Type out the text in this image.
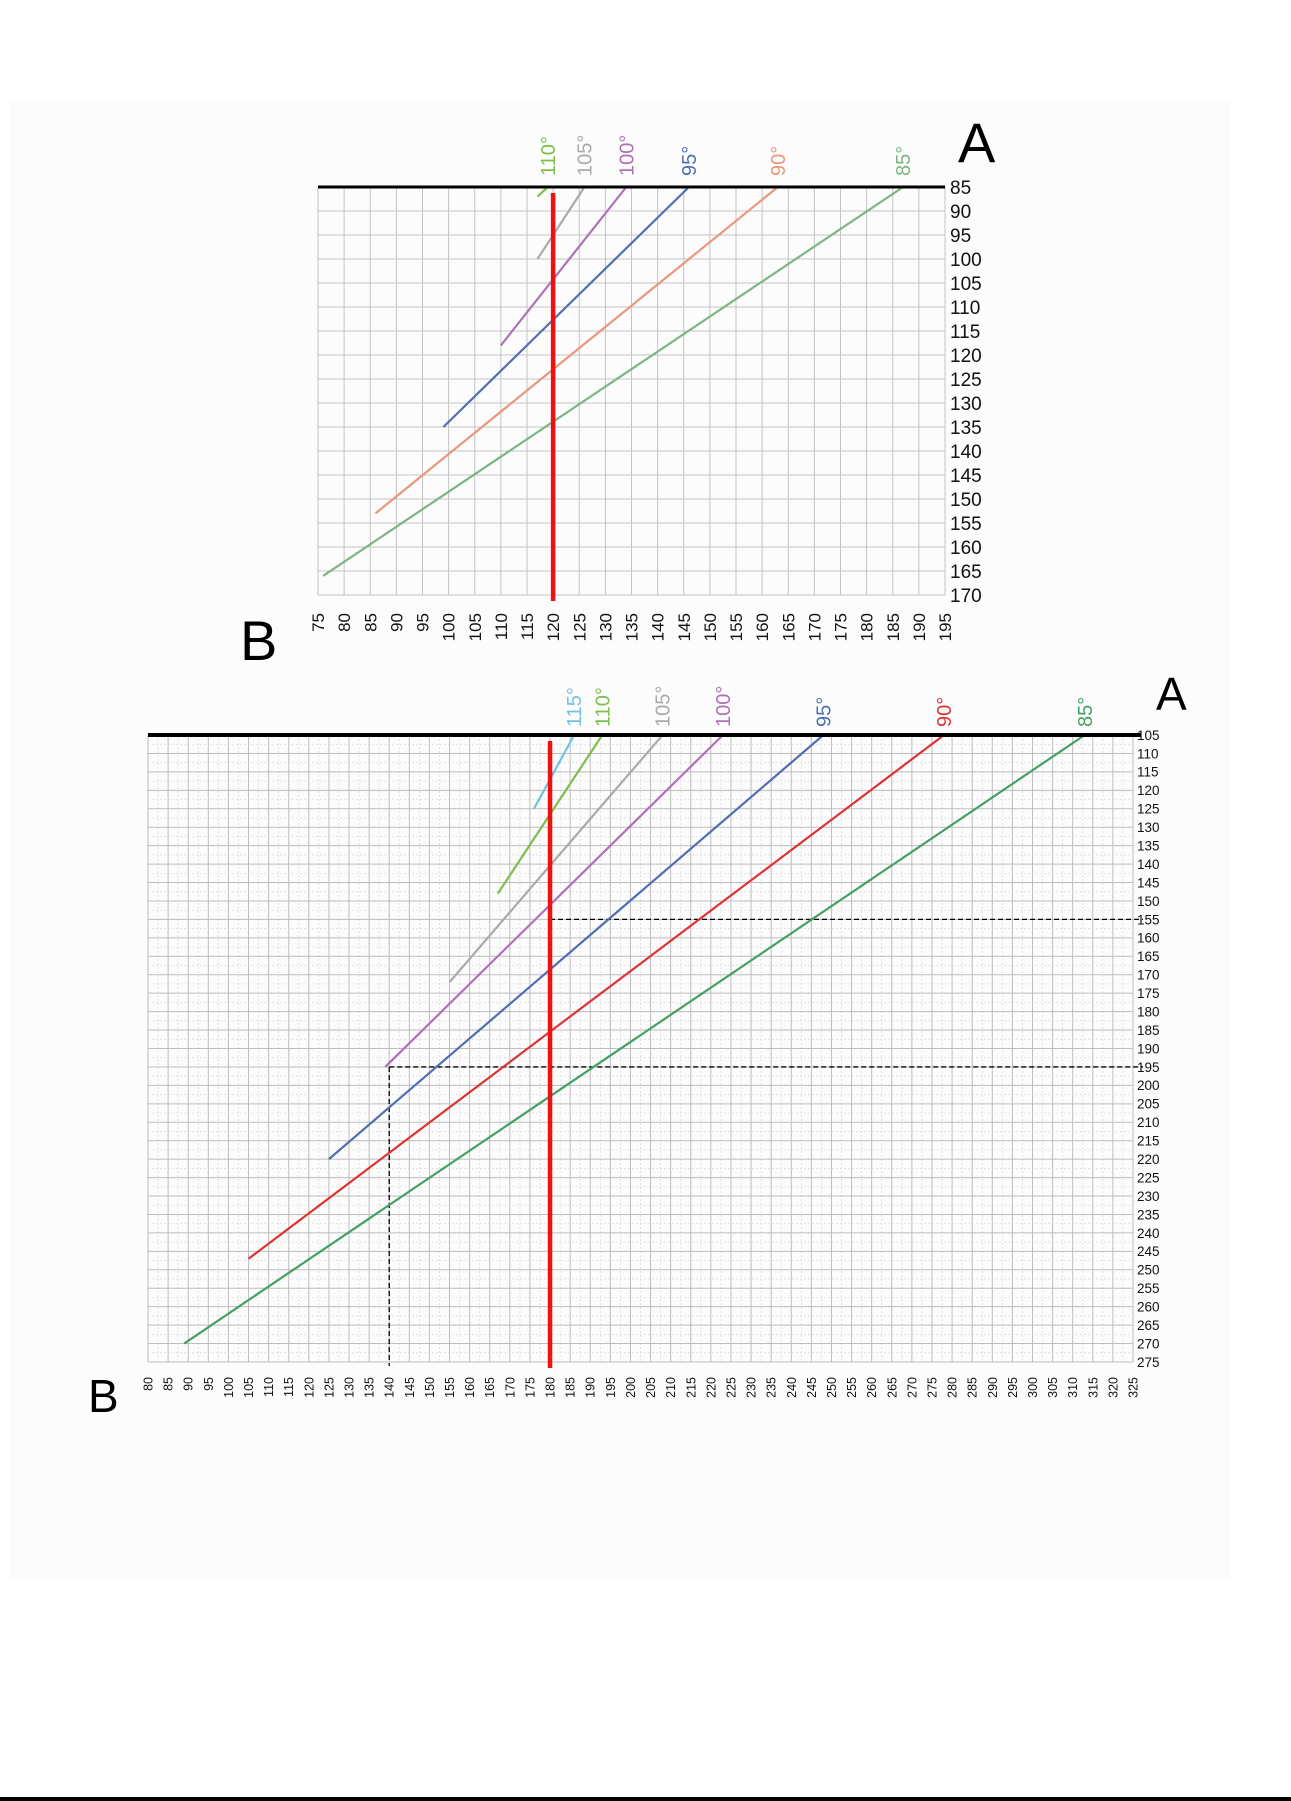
85
90
95
100
105
110
115
120
125
130
135
140
145
150
155
160
165
170
75 80 85 90 95 100 105 110 115 120 125 130 135 140 145 150 155 160 165 170 175 180 185 190 195
110° 105° 100° 95°	90°	85° A
B
105
110
115
120
125
130
135
140
145
150
155
160
165
170
175
180
185
190
195
200
205
210
215
220
225
230
235
240
245
250
255
260
265
270
275
80 85 90 95 100 105 110 115 120 125 130 135 140 145 150 155 160 165 170 175 180 185 190 195 200 205 210 215 220 225 230 235 240 245 250 255 260 265 270 275 280 285 290 295 300 305 310 315 320 325
115° 110° 105° 100°	95°	90°	85° A
B
